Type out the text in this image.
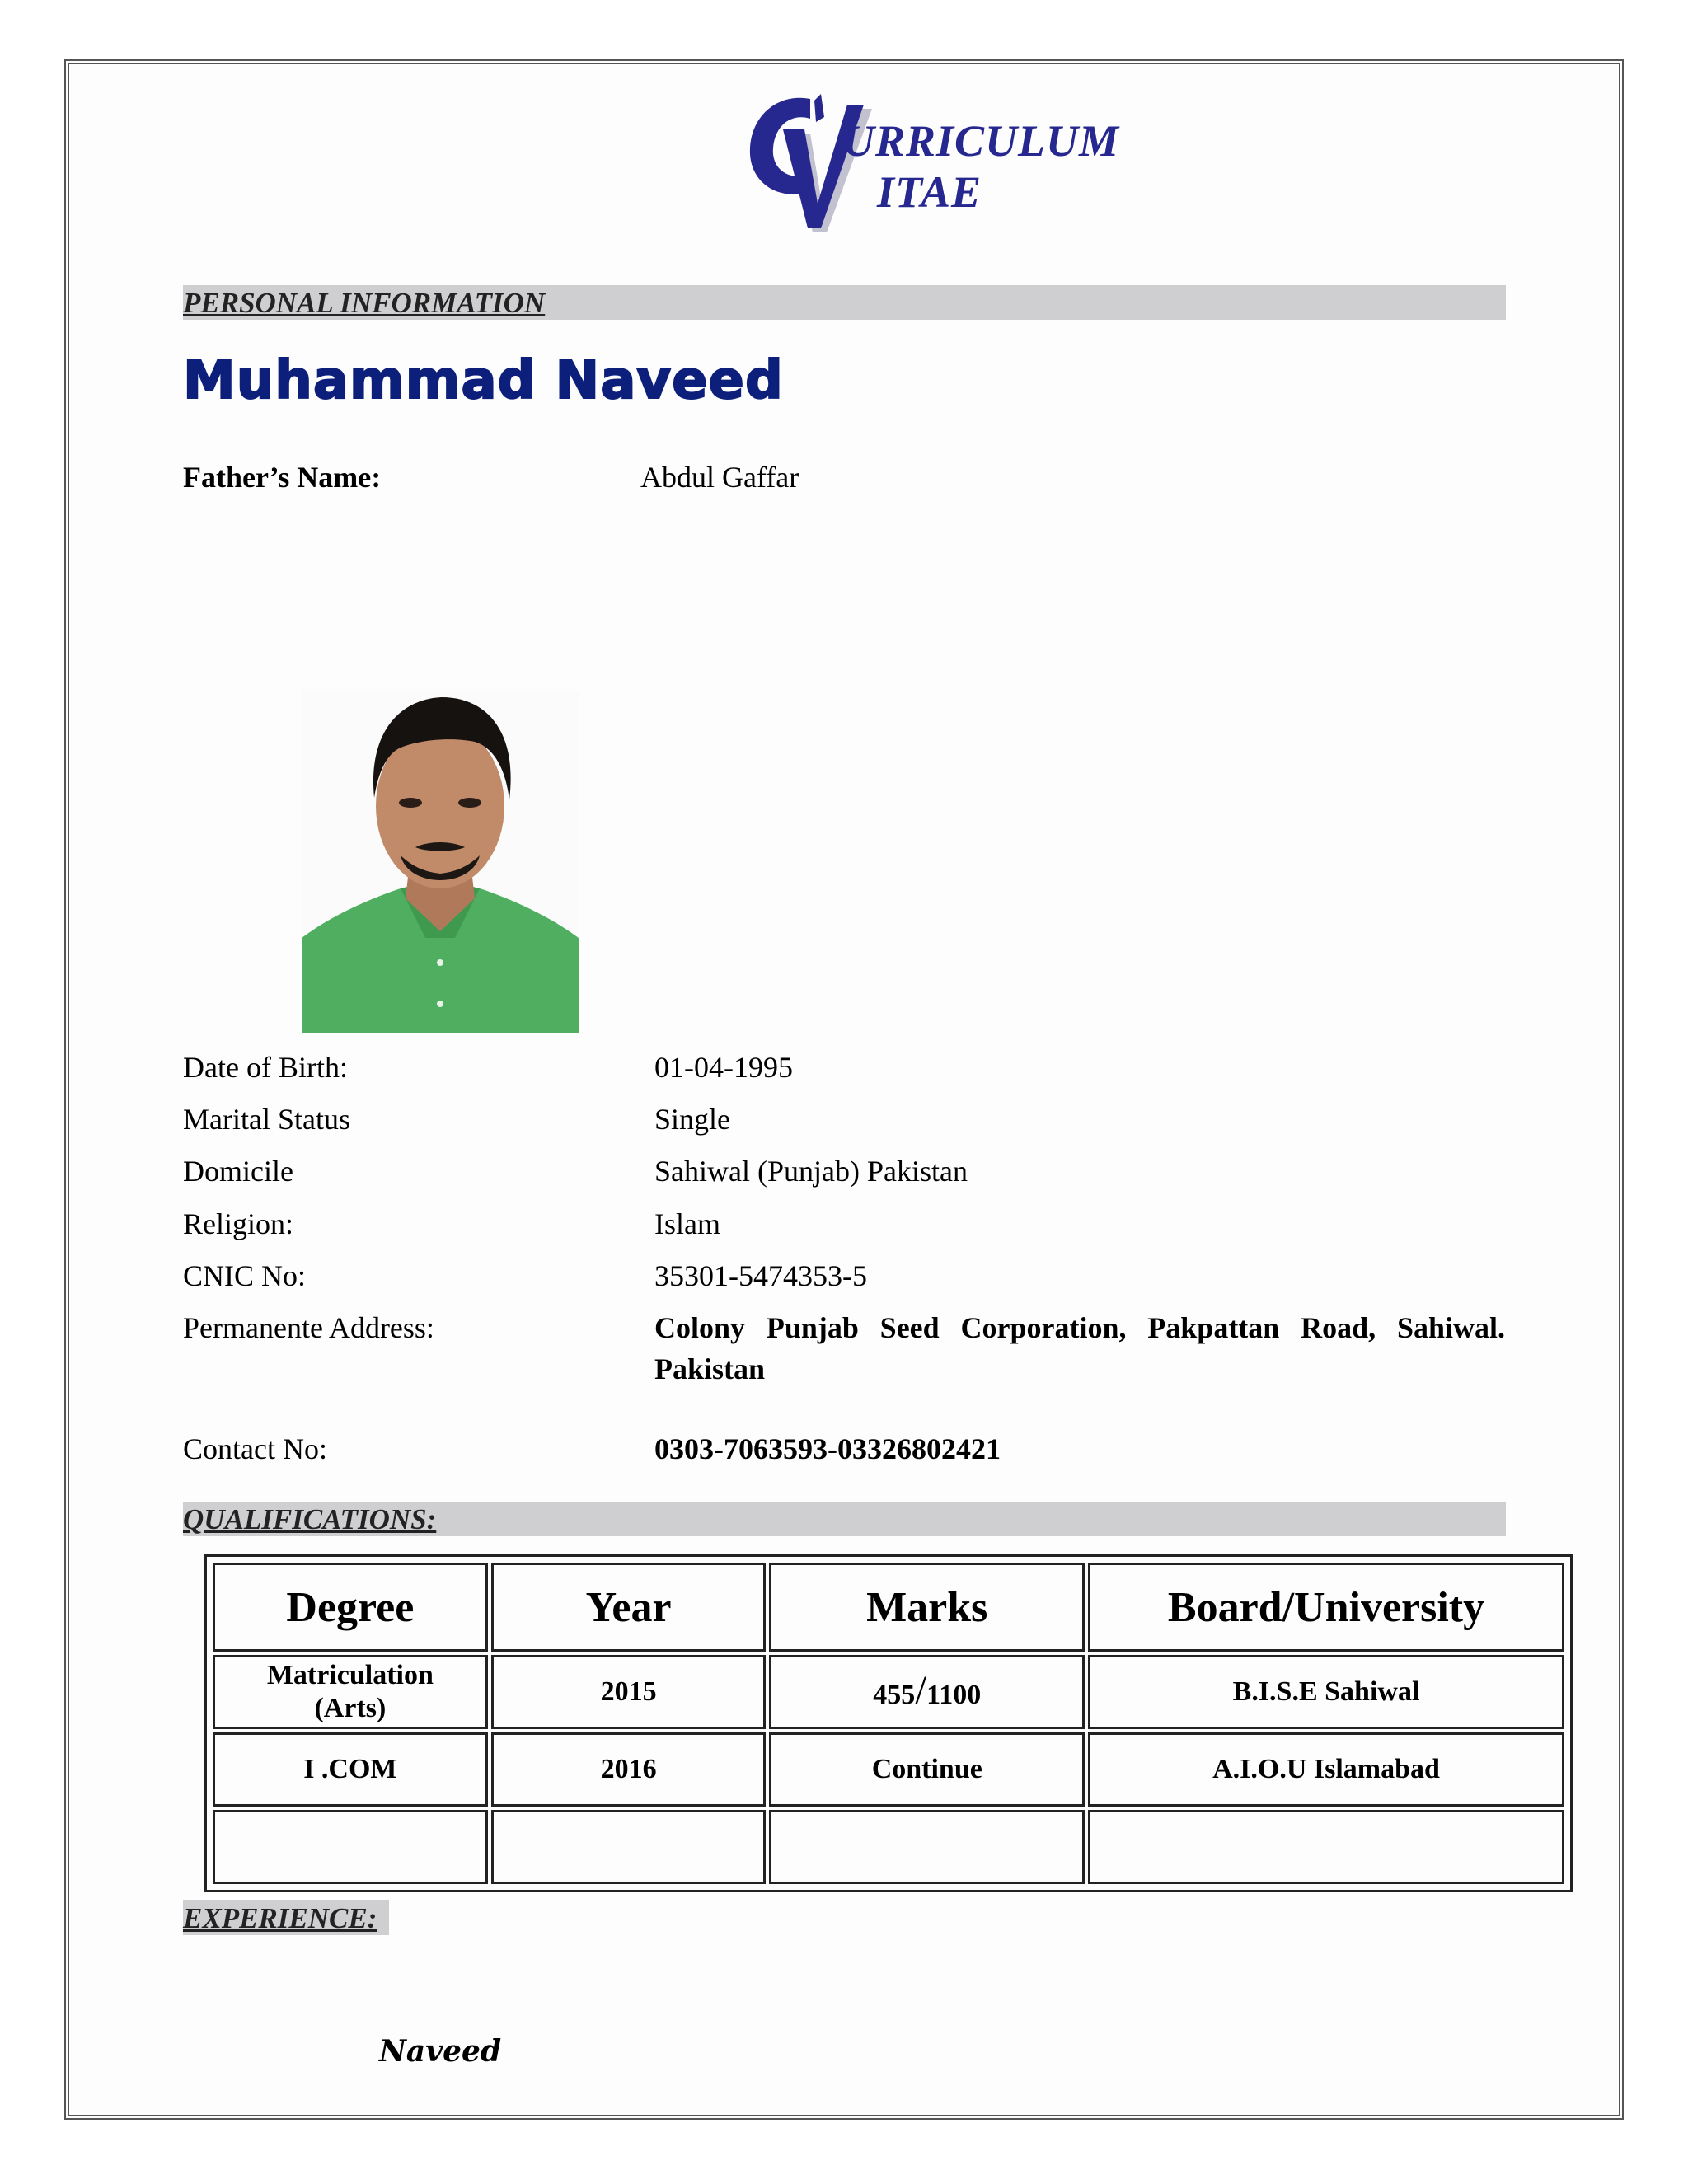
URRICULUM
ITAE
PERSONAL INFORMATION
Muhammad Naveed
Father’s Name:	Abdul Gaffar
Date of Birth:	01-04-1995
Marital Status	Single
Domicile	Sahiwal (Punjab) Pakistan
Religion:	Islam
CNIC No:	35301-5474353-5
Permanente Address:	Colony Punjab Seed Corporation, Pakpattan Road, Sahiwal. Pakistan
Contact No:	0303-7063593-03326802421
QUALIFICATIONS:
Degree	Year	Marks	Board/University

Matriculation
(Arts)	2015	455/1100	B.I.S.E Sahiwal
I .COM	2016	Continue	A.I.O.U Islamabad

EXPERIENCE:
Naveed
